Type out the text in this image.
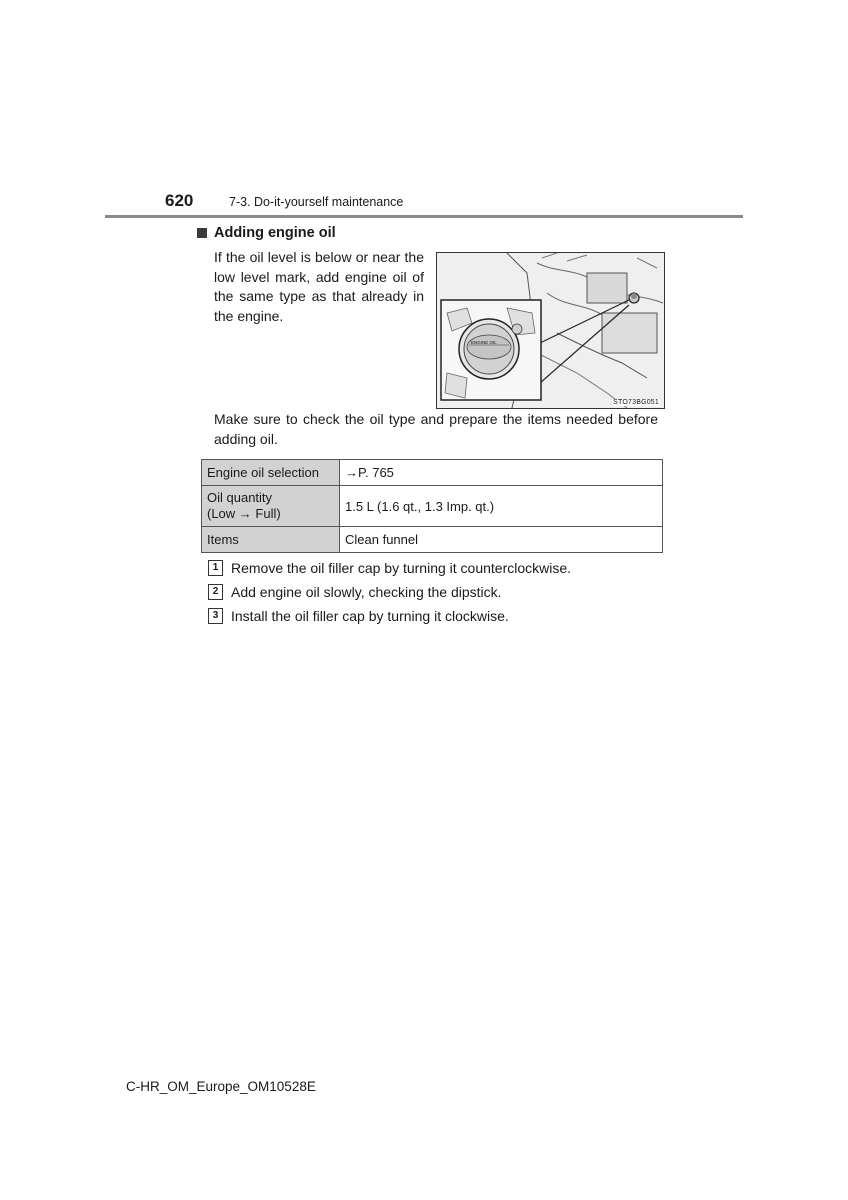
620	7-3. Do-it-yourself maintenance
Adding engine oil
If the oil level is below or near the low level mark, add engine oil of the same type as that already in the engine.
ENGINE OIL
STO73BG051
Make sure to check the oil type and prepare the items needed before adding oil.
Engine oil selection	→P. 765

Oil quantity
(Low → Full)	1.5 L (1.6 qt., 1.3 Imp. qt.)
Items	Clean funnel
1 Remove the oil filler cap by turning it counterclockwise.
2 Add engine oil slowly, checking the dipstick.
3 Install the oil filler cap by turning it clockwise.
C-HR_OM_Europe_OM10528E
